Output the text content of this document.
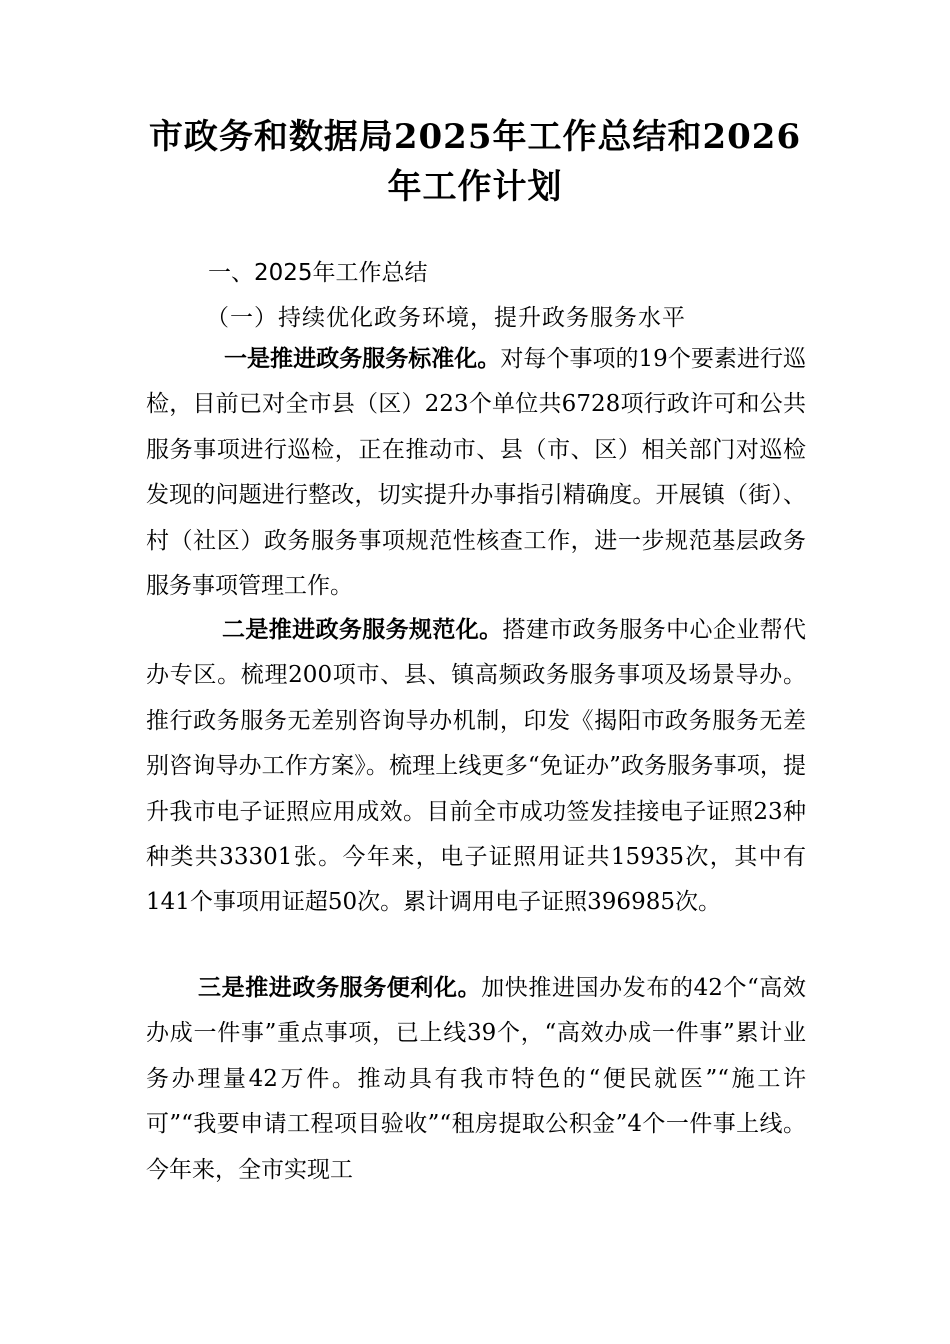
市政务和数据局2025年工作总结和2026年工作计划
一、2025年工作总结
（一）持续优化政务环境，提升政务服务水平

一是推进政务服务标准化。对每个事项的19个要素进行巡检，目前已对全市县（区）223个单位共6728项行政许可和公共服务事项进行巡检，正在推动市、县（市、区）相关部门对巡检发现的问题进行整改，切实提升办事指引精确度。开展镇（街）、村（社区）政务服务事项规范性核查工作，进一步规范基层政务服务事项管理工作。

二是推进政务服务规范化。搭建市政务服务中心企业帮代办专区。梳理200项市、县、镇高频政务服务事项及场景导办。推行政务服务无差别咨询导办机制，印发《揭阳市政务服务无差别咨询导办工作方案》。梳理上线更多“免证办”政务服务事项，提升我市电子证照应用成效。目前全市成功签发挂接电子证照23种种类共33301张。今年来，电子证照用证共15935次，其中有141个事项用证超50次。累计调用电子证照396985次。

三是推进政务服务便利化。加快推进国办发布的42个“高效办成一件事”重点事项，已上线39个，“高效办成一件事”累计业务办理量42万件。推动具有我市特色的“便民就医”“施工许可”“我要申请工程项目验收”“租房提取公积金”4个一件事上线。今年来，全市实现工
